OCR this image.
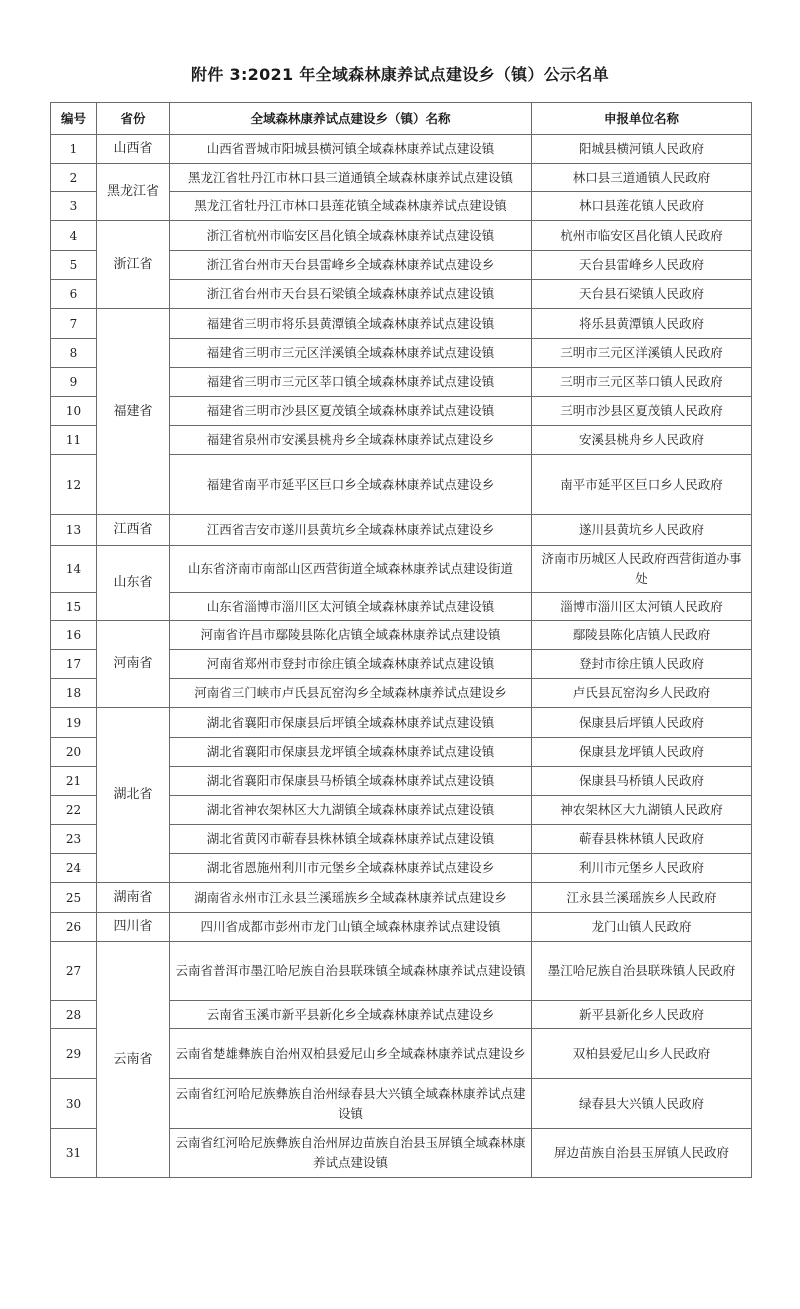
附件 3:2021 年全域森林康养试点建设乡（镇）公示名单
编号	省份	全域森林康养试点建设乡（镇）名称	申报单位名称
1	山西省	山西省晋城市阳城县横河镇全域森林康养试点建设镇	阳城县横河镇人民政府
2	黑龙江省	黑龙江省牡丹江市林口县三道通镇全域森林康养试点建设镇	林口县三道通镇人民政府
3		黑龙江省牡丹江市林口县莲花镇全域森林康养试点建设镇	林口县莲花镇人民政府
4	浙江省	浙江省杭州市临安区昌化镇全域森林康养试点建设镇	杭州市临安区昌化镇人民政府
5		浙江省台州市天台县雷峰乡全域森林康养试点建设乡	天台县雷峰乡人民政府
6		浙江省台州市天台县石梁镇全域森林康养试点建设镇	天台县石梁镇人民政府
7	福建省	福建省三明市将乐县黄潭镇全域森林康养试点建设镇	将乐县黄潭镇人民政府
8		福建省三明市三元区洋溪镇全域森林康养试点建设镇	三明市三元区洋溪镇人民政府
9		福建省三明市三元区莘口镇全域森林康养试点建设镇	三明市三元区莘口镇人民政府
10		福建省三明市沙县区夏茂镇全域森林康养试点建设镇	三明市沙县区夏茂镇人民政府
11		福建省泉州市安溪县桃舟乡全域森林康养试点建设乡	安溪县桃舟乡人民政府
12		福建省南平市延平区巨口乡全域森林康养试点建设乡	南平市延平区巨口乡人民政府
13	江西省	江西省吉安市遂川县黄坑乡全域森林康养试点建设乡	遂川县黄坑乡人民政府
14	山东省	山东省济南市南部山区西营街道全域森林康养试点建设街道	济南市历城区人民政府西营街道办事处
15		山东省淄博市淄川区太河镇全域森林康养试点建设镇	淄博市淄川区太河镇人民政府
16	河南省	河南省许昌市鄢陵县陈化店镇全域森林康养试点建设镇	鄢陵县陈化店镇人民政府
17		河南省郑州市登封市徐庄镇全域森林康养试点建设镇	登封市徐庄镇人民政府
18		河南省三门峡市卢氏县瓦窑沟乡全域森林康养试点建设乡	卢氏县瓦窑沟乡人民政府
19	湖北省	湖北省襄阳市保康县后坪镇全域森林康养试点建设镇	保康县后坪镇人民政府
20		湖北省襄阳市保康县龙坪镇全域森林康养试点建设镇	保康县龙坪镇人民政府
21		湖北省襄阳市保康县马桥镇全域森林康养试点建设镇	保康县马桥镇人民政府
22		湖北省神农架林区大九湖镇全域森林康养试点建设镇	神农架林区大九湖镇人民政府
23		湖北省黄冈市蕲春县株林镇全域森林康养试点建设镇	蕲春县株林镇人民政府
24		湖北省恩施州利川市元堡乡全域森林康养试点建设乡	利川市元堡乡人民政府
25	湖南省	湖南省永州市江永县兰溪瑶族乡全域森林康养试点建设乡	江永县兰溪瑶族乡人民政府
26	四川省	四川省成都市彭州市龙门山镇全域森林康养试点建设镇	龙门山镇人民政府
27	云南省	云南省普洱市墨江哈尼族自治县联珠镇全域森林康养试点建设镇	墨江哈尼族自治县联珠镇人民政府
28		云南省玉溪市新平县新化乡全域森林康养试点建设乡	新平县新化乡人民政府
29		云南省楚雄彝族自治州双柏县爱尼山乡全域森林康养试点建设乡	双柏县爱尼山乡人民政府
30		云南省红河哈尼族彝族自治州绿春县大兴镇全域森林康养试点建设镇	绿春县大兴镇人民政府
31		云南省红河哈尼族彝族自治州屏边苗族自治县玉屏镇全域森林康养试点建设镇	屏边苗族自治县玉屏镇人民政府
